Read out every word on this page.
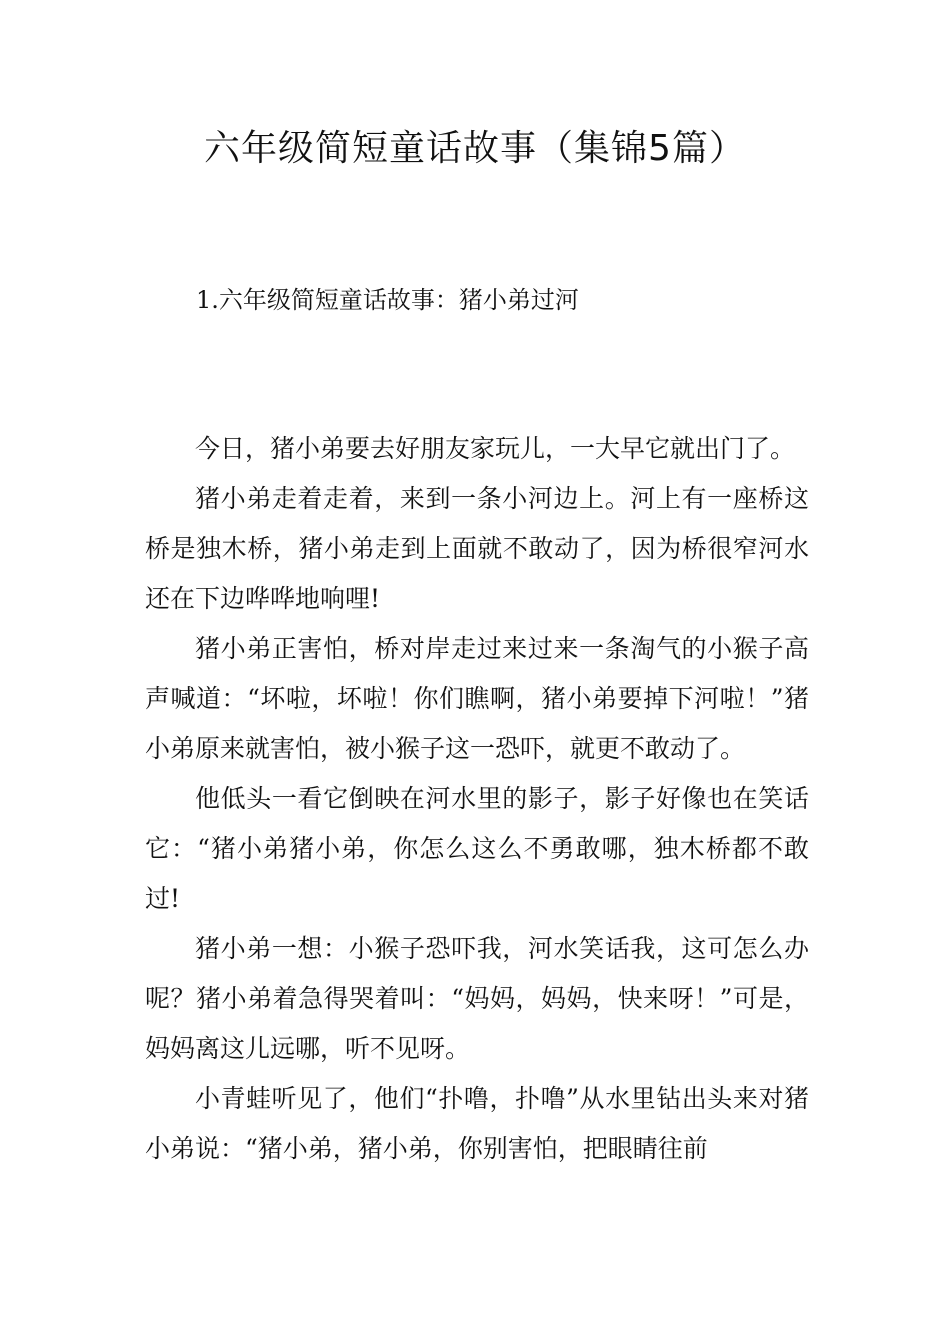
六年级简短童话故事（集锦5篇）
1.六年级简短童话故事：猪小弟过河

今日，猪小弟要去好朋友家玩儿，一大早它就出门了。

猪小弟走着走着，来到一条小河边上。河上有一座桥这桥是独木桥，猪小弟走到上面就不敢动了，因为桥很窄河水还在下边哗哗地响哩!

猪小弟正害怕，桥对岸走过来过来一条淘气的小猴子高声喊道：“坏啦，坏啦！你们瞧啊，猪小弟要掉下河啦！”猪小弟原来就害怕，被小猴子这一恐吓，就更不敢动了。

他低头一看它倒映在河水里的影子，影子好像也在笑话它：“猪小弟猪小弟，你怎么这么不勇敢哪，独木桥都不敢过!

猪小弟一想：小猴子恐吓我，河水笑话我，这可怎么办呢？猪小弟着急得哭着叫：“妈妈，妈妈，快来呀！”可是，妈妈离这儿远哪，听不见呀。

小青蛙听见了，他们“扑噜，扑噜”从水里钻出头来对猪小弟说：“猪小弟，猪小弟，你别害怕，把眼睛往前
